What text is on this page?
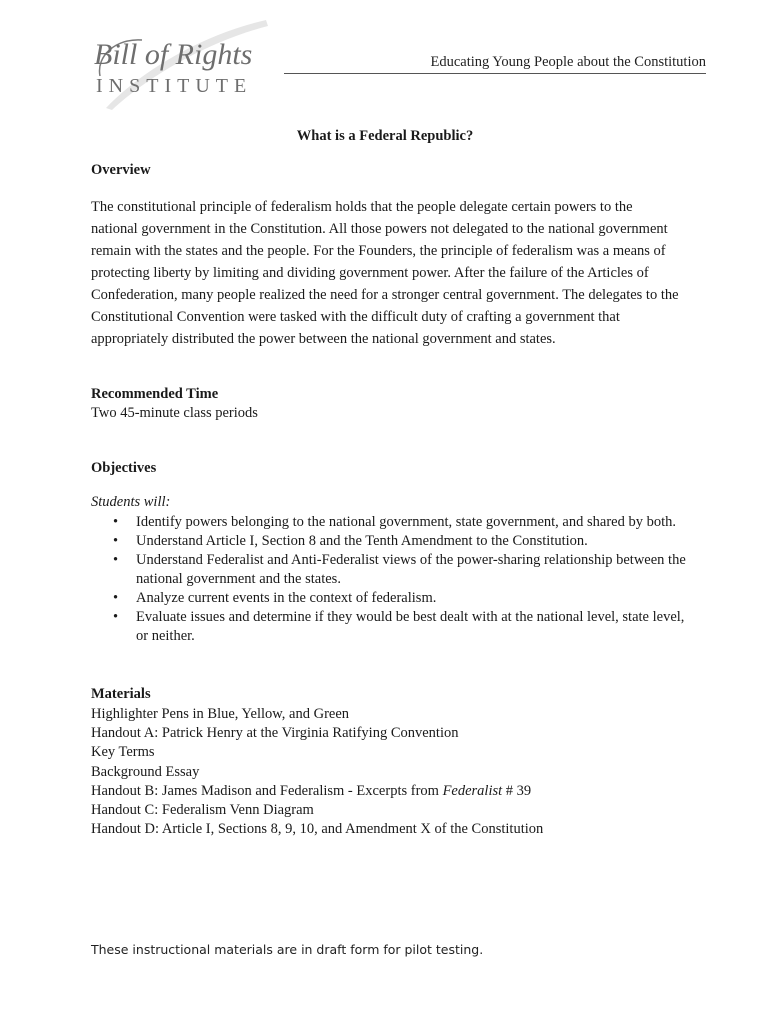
Bill of Rights
INSTITUTE
Educating Young People about the Constitution
What is a Federal Republic?
Overview
The constitutional principle of federalism holds that the people delegate certain powers to the national government in the Constitution. All those powers not delegated to the national government remain with the states and the people. For the Founders, the principle of federalism was a means of protecting liberty by limiting and dividing government power. After the failure of the Articles of Confederation, many people realized the need for a stronger central government. The delegates to the Constitutional Convention were tasked with the difficult duty of crafting a government that appropriately distributed the power between the national government and states.
Recommended Time
Two 45-minute class periods
Objectives
Students will:
• Identify powers belonging to the national government, state government, and shared by both.
• Understand Article I, Section 8 and the Tenth Amendment to the Constitution.
• Understand Federalist and Anti-Federalist views of the power-sharing relationship between the national government and the states.
• Analyze current events in the context of federalism.
• Evaluate issues and determine if they would be best dealt with at the national level, state level, or neither.
Materials
Highlighter Pens in Blue, Yellow, and Green
Handout A: Patrick Henry at the Virginia Ratifying Convention
Key Terms
Background Essay
Handout B: James Madison and Federalism - Excerpts from Federalist # 39
Handout C: Federalism Venn Diagram
Handout D: Article I, Sections 8, 9, 10, and Amendment X of the Constitution
These instructional materials are in draft form for pilot testing.
